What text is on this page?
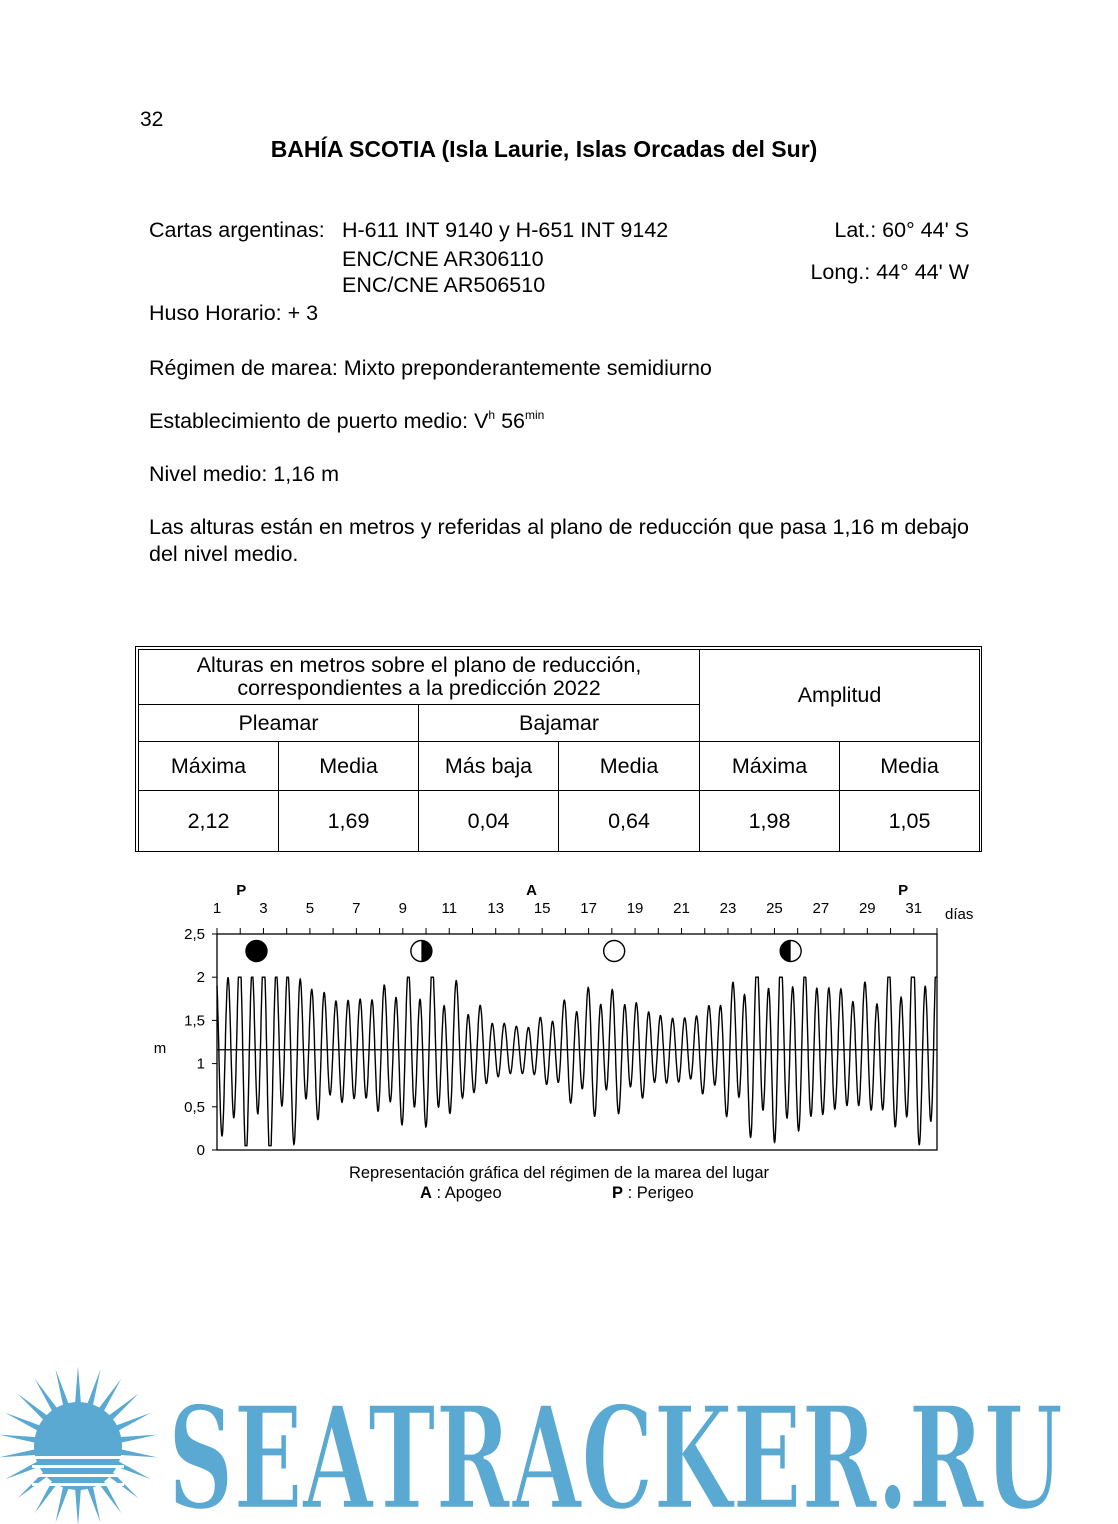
32
BAHÍA SCOTIA (Isla Laurie, Islas Orcadas del Sur)
Cartas argentinas: H-611 INT 9140 y H-651 INT 9142
ENC/CNE AR306110
ENC/CNE AR506510
Lat.: 60° 44' S
Long.: 44° 44' W
Huso Horario: + 3
Régimen de marea: Mixto preponderantemente semidiurno
Establecimiento de puerto medio: $V^h$ $56^{min}$
Nivel medio: 1,16 m
Las alturas están en metros y referidas al plano de reducción que pasa 1,16 m debajo del nivel medio.
Alturas en metros sobre el plano de reducción,
correspondientes a la predicción 2022				Amplitud	
Pleamar		Bajamar			
Máxima	Media	Más baja	Media	Máxima	Media
2,12	1,69	0,04	0,64	1,98	1,05
0
0,5
1
1,5
2
2,5
m
1	3	5	7	9 11 13 15 17 19 21 23 25 27 29 31 días
P	A	P
Representación gráfica del régimen de la marea del lugar
A : Apogeo	P : Perigeo
SEATRACKER.RU
